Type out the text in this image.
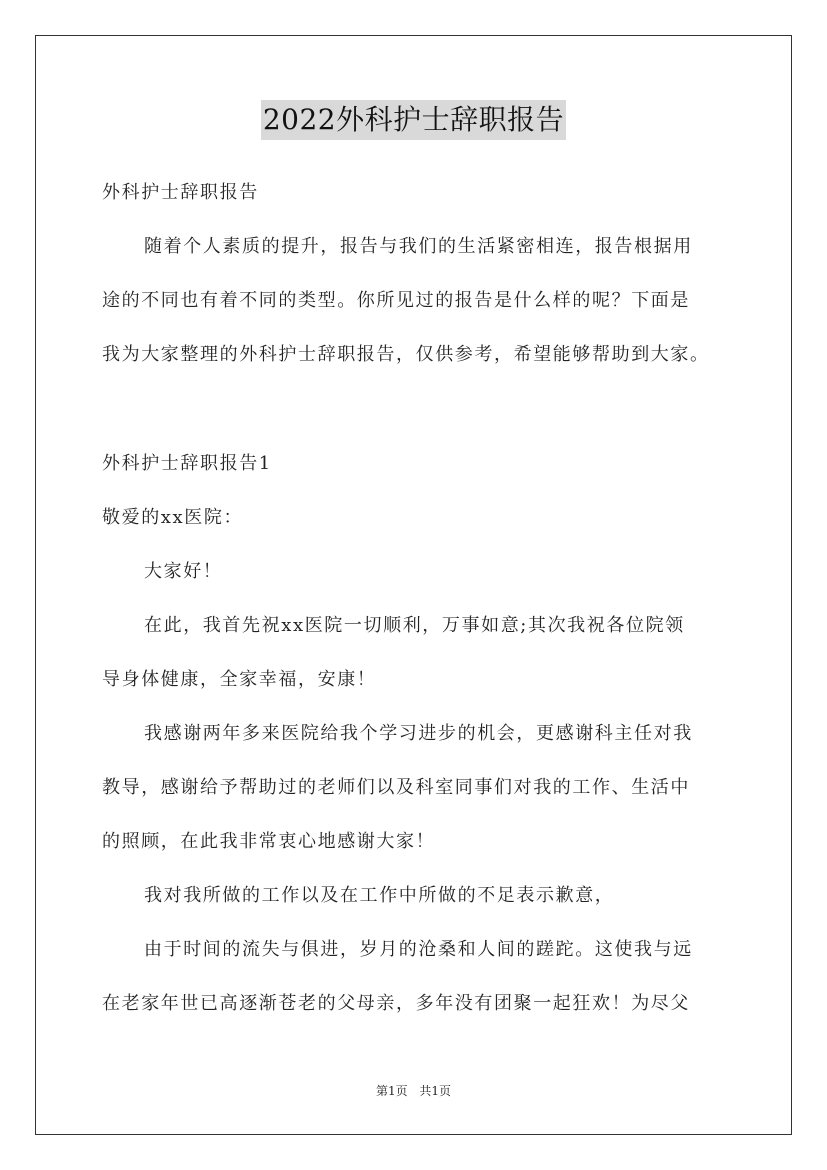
2022外科护士辞职报告
外科护士辞职报告
随着个人素质的提升，报告与我们的生活紧密相连，报告根据用
途的不同也有着不同的类型。你所见过的报告是什么样的呢？下面是
我为大家整理的外科护士辞职报告，仅供参考，希望能够帮助到大家。
外科护士辞职报告1
敬爱的xx医院：
大家好！
在此，我首先祝xx医院一切顺利，万事如意;其次我祝各位院领
导身体健康，全家幸福，安康！
我感谢两年多来医院给我个学习进步的机会，更感谢科主任对我
教导，感谢给予帮助过的老师们以及科室同事们对我的工作、生活中
的照顾，在此我非常衷心地感谢大家！
我对我所做的工作以及在工作中所做的不足表示歉意，
由于时间的流失与俱进，岁月的沧桑和人间的蹉跎。这使我与远
在老家年世已高逐渐苍老的父母亲，多年没有团聚一起狂欢！为尽父
第1页 共1页
